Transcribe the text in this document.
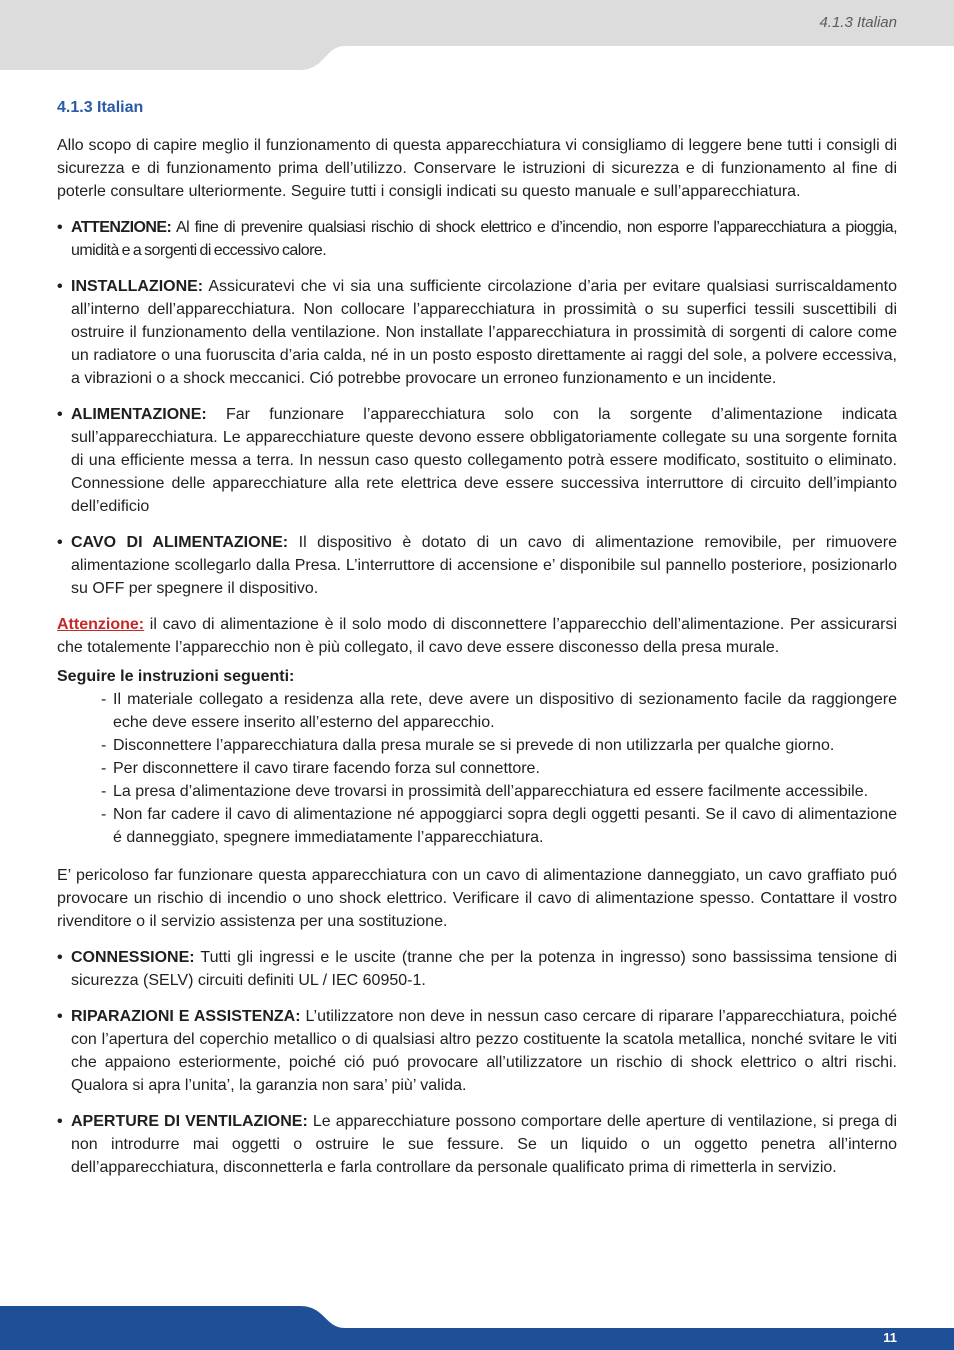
4.1.3 Italian
4.1.3 Italian

Allo scopo di capire meglio il funzionamento di questa apparecchiatura vi consigliamo di leggere bene tutti i consigli di sicurezza e di funzionamento prima dell’utilizzo. Conservare le istruzioni di sicurezza e di funzionamento al fine di poterle consultare ulteriormente. Seguire tutti i consigli indicati su questo manuale e sull’apparecchiatura.

• ATTENZIONE: Al fine di prevenire qualsiasi rischio di shock elettrico e d’incendio, non esporre l’apparecchiatura a pioggia, umidità e a sorgenti di eccessivo calore.
• INSTALLAZIONE: Assicuratevi che vi sia una sufficiente circolazione d’aria per evitare qualsiasi surriscaldamento all’interno dell’apparecchiatura. Non collocare l’apparecchiatura in prossimità o su superfici tessili suscettibili di ostruire il funzionamento della ventilazione. Non installate l’apparecchiatura in prossimità di sorgenti di calore come un radiatore o una fuoruscita d’aria calda, né in un posto esposto direttamente ai raggi del sole, a polvere eccessiva, a vibrazioni o a shock meccanici. Ció potrebbe provocare un erroneo funzionamento e un incidente.
• ALIMENTAZIONE: Far funzionare l’apparecchiatura solo con la sorgente d’alimentazione indicata sull’apparecchiatura. Le apparecchiature queste devono essere obbligatoriamente collegate su una sorgente fornita di una efficiente messa a terra. In nessun caso questo collegamento potrà essere modificato, sostituito o eliminato. Connessione delle apparecchiature alla rete elettrica deve essere successiva interruttore di circuito dell’impianto dell’edificio
• CAVO DI ALIMENTAZIONE: Il dispositivo è dotato di un cavo di alimentazione removibile, per rimuovere alimentazione scollegarlo dalla Presa. L’interruttore di accensione e’ disponibile sul pannello posteriore, posizionarlo su OFF per spegnere il dispositivo.

Attenzione: il cavo di alimentazione è il solo modo di disconnettere l’apparecchio dell’alimentazione. Per assicurarsi che totalemente l’apparecchio non è più collegato, il cavo deve essere disconesso della presa murale.

Seguire le instruzioni seguenti:

- Il materiale collegato a residenza alla rete, deve avere un dispositivo di sezionamento facile da raggiongere eche deve essere inserito all’esterno del apparecchio.
- Disconnettere l’apparecchiatura dalla presa murale se si prevede di non utilizzarla per qualche giorno.
- Per disconnettere il cavo tirare facendo forza sul connettore.
- La presa d’alimentazione deve trovarsi in prossimità dell’apparecchiatura ed essere facilmente accessibile.
- Non far cadere il cavo di alimentazione né appoggiarci sopra degli oggetti pesanti. Se il cavo di alimentazione é danneggiato, spegnere immediatamente l’apparecchiatura.

E’ pericoloso far funzionare questa apparecchiatura con un cavo di alimentazione danneggiato, un cavo graffiato puó provocare un rischio di incendio o uno shock elettrico. Verificare il cavo di alimentazione spesso. Contattare il vostro rivenditore o il servizio assistenza per una sostituzione.

• CONNESSIONE: Tutti gli ingressi e le uscite (tranne che per la potenza in ingresso) sono bassissima tensione di sicurezza (SELV) circuiti definiti UL / IEC 60950-1.
• RIPARAZIONI E ASSISTENZA: L’utilizzatore non deve in nessun caso cercare di riparare l’apparecchiatura, poiché con l’apertura del coperchio metallico o di qualsiasi altro pezzo costituente la scatola metallica, nonché svitare le viti che appaiono esteriormente, poiché ció puó provocare all’utilizzatore un rischio di shock elettrico o altri rischi. Qualora si apra l’unita’, la garanzia non sara’ più’ valida.
• APERTURE DI VENTILAZIONE: Le apparecchiature possono comportare delle aperture di ventilazione, si prega di non introdurre mai oggetti o ostruire le sue fessure. Se un liquido o un oggetto penetra all’interno dell’apparecchiatura, disconnetterla e farla controllare da personale qualificato prima di rimetterla in servizio.
11
